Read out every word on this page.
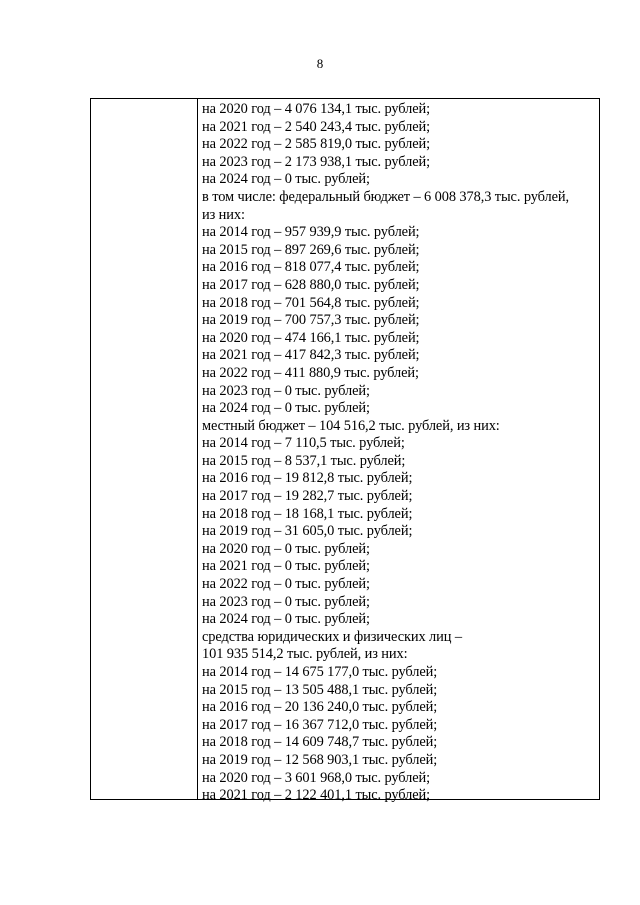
8
на 2020 год – 4 076 134,1 тыс. рублей;
на 2021 год – 2 540 243,4 тыс. рублей;
на 2022 год – 2 585 819,0 тыс. рублей;
на 2023 год – 2 173 938,1 тыс. рублей;
на 2024 год – 0 тыс. рублей;
в том числе: федеральный бюджет – 6 008 378,3 тыс. рублей,
из них:
на 2014 год – 957 939,9 тыс. рублей;
на 2015 год – 897 269,6 тыс. рублей;
на 2016 год – 818 077,4 тыс. рублей;
на 2017 год – 628 880,0 тыс. рублей;
на 2018 год – 701 564,8 тыс. рублей;
на 2019 год – 700 757,3 тыс. рублей;
на 2020 год – 474 166,1 тыс. рублей;
на 2021 год – 417 842,3 тыс. рублей;
на 2022 год – 411 880,9 тыс. рублей;
на 2023 год – 0 тыс. рублей;
на 2024 год – 0 тыс. рублей;
местный бюджет – 104 516,2 тыс. рублей, из них:
на 2014 год – 7 110,5 тыс. рублей;
на 2015 год – 8 537,1 тыс. рублей;
на 2016 год – 19 812,8 тыс. рублей;
на 2017 год – 19 282,7 тыс. рублей;
на 2018 год – 18 168,1 тыс. рублей;
на 2019 год – 31 605,0 тыс. рублей;
на 2020 год – 0 тыс. рублей;
на 2021 год – 0 тыс. рублей;
на 2022 год – 0 тыс. рублей;
на 2023 год – 0 тыс. рублей;
на 2024 год – 0 тыс. рублей;
средства юридических и физических лиц –
101 935 514,2 тыс. рублей, из них:
на 2014 год – 14 675 177,0 тыс. рублей;
на 2015 год – 13 505 488,1 тыс. рублей;
на 2016 год – 20 136 240,0 тыс. рублей;
на 2017 год – 16 367 712,0 тыс. рублей;
на 2018 год – 14 609 748,7 тыс. рублей;
на 2019 год – 12 568 903,1 тыс. рублей;
на 2020 год – 3 601 968,0 тыс. рублей;
на 2021 год – 2 122 401,1 тыс. рублей;
